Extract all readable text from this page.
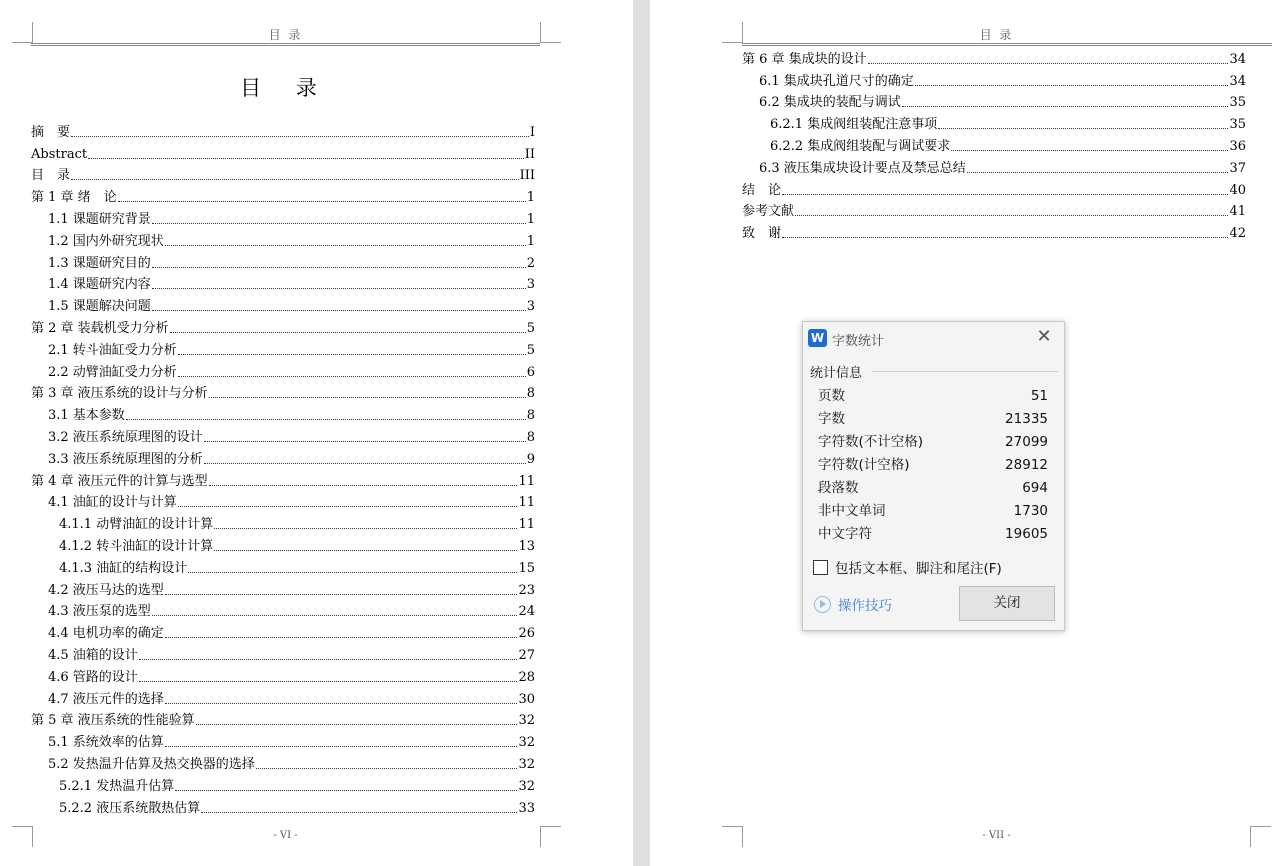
目 录
目 录
摘　要	I
Abstract	II
目　录	III
第 1 章 绪　论	1
1.1 课题研究背景	1
1.2 国内外研究现状	1
1.3 课题研究目的	2
1.4 课题研究内容	3
1.5 课题解决问题	3
第 2 章 装载机受力分析	5
2.1 转斗油缸受力分析	5
2.2 动臂油缸受力分析	6
第 3 章 液压系统的设计与分析	8
3.1 基本参数	8
3.2 液压系统原理图的设计	8
3.3 液压系统原理图的分析	9
第 4 章 液压元件的计算与选型	11
4.1 油缸的设计与计算	11
4.1.1 动臂油缸的设计计算	11
4.1.2 转斗油缸的设计计算	13
4.1.3 油缸的结构设计	15
4.2 液压马达的选型	23
4.3 液压泵的选型	24
4.4 电机功率的确定	26
4.5 油箱的设计	27
4.6 管路的设计	28
4.7 液压元件的选择	30
第 5 章 液压系统的性能验算	32
5.1 系统效率的估算	32
5.2 发热温升估算及热交换器的选择	32
5.2.1 发热温升估算	32
5.2.2 液压系统散热估算	33
- VI -
目 录
第 6 章 集成块的设计	34
6.1 集成块孔道尺寸的确定	34
6.2 集成块的装配与调试	35
6.2.1 集成阀组装配注意事项	35
6.2.2 集成阀组装配与调试要求	36
6.3 液压集成块设计要点及禁忌总结	37
结　论	40
参考文献	41
致　谢	42
- VII -
W 字数统计	✕
统计信息
页数	51
字数	21335
字符数(不计空格)	27099
字符数(计空格)	28912
段落数	694
非中文单词	1730
中文字符	19605
包括文本框、脚注和尾注(F)
操作技巧	关闭
